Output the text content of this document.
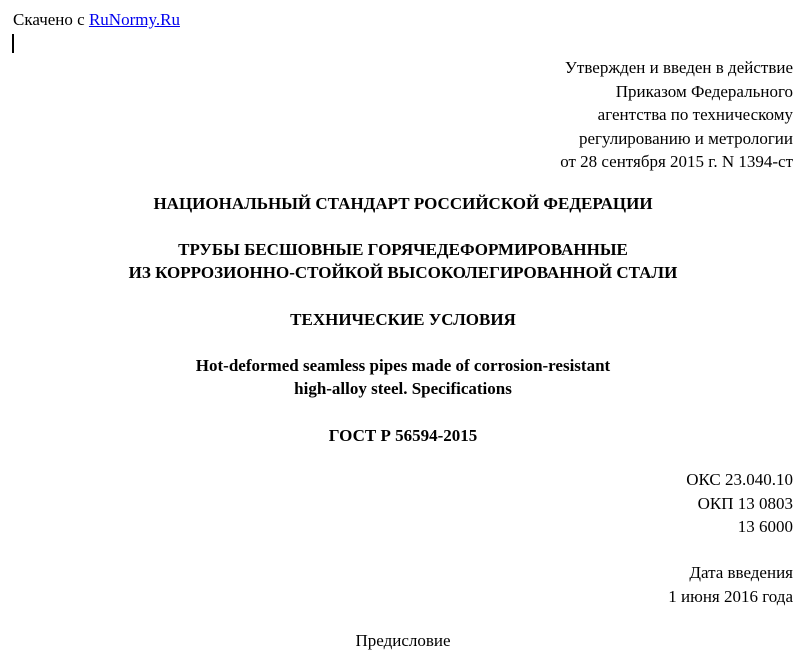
Скачено с RuNormy.Ru
Утвержден и введен в действие
Приказом Федерального
агентства по техническому
регулированию и метрологии
от 28 сентября 2015 г. N 1394-ст
НАЦИОНАЛЬНЫЙ СТАНДАРТ РОССИЙСКОЙ ФЕДЕРАЦИИ
ТРУБЫ БЕСШОВНЫЕ ГОРЯЧЕДЕФОРМИРОВАННЫЕ
ИЗ КОРРОЗИОННО-СТОЙКОЙ ВЫСОКОЛЕГИРОВАННОЙ СТАЛИ
ТЕХНИЧЕСКИЕ УСЛОВИЯ
Hot-deformed seamless pipes made of corrosion-resistant
high-alloy steel. Specifications
ГОСТ Р 56594-2015
ОКС 23.040.10
ОКП 13 0803
13 6000
Дата введения
1 июня 2016 года
Предисловие
